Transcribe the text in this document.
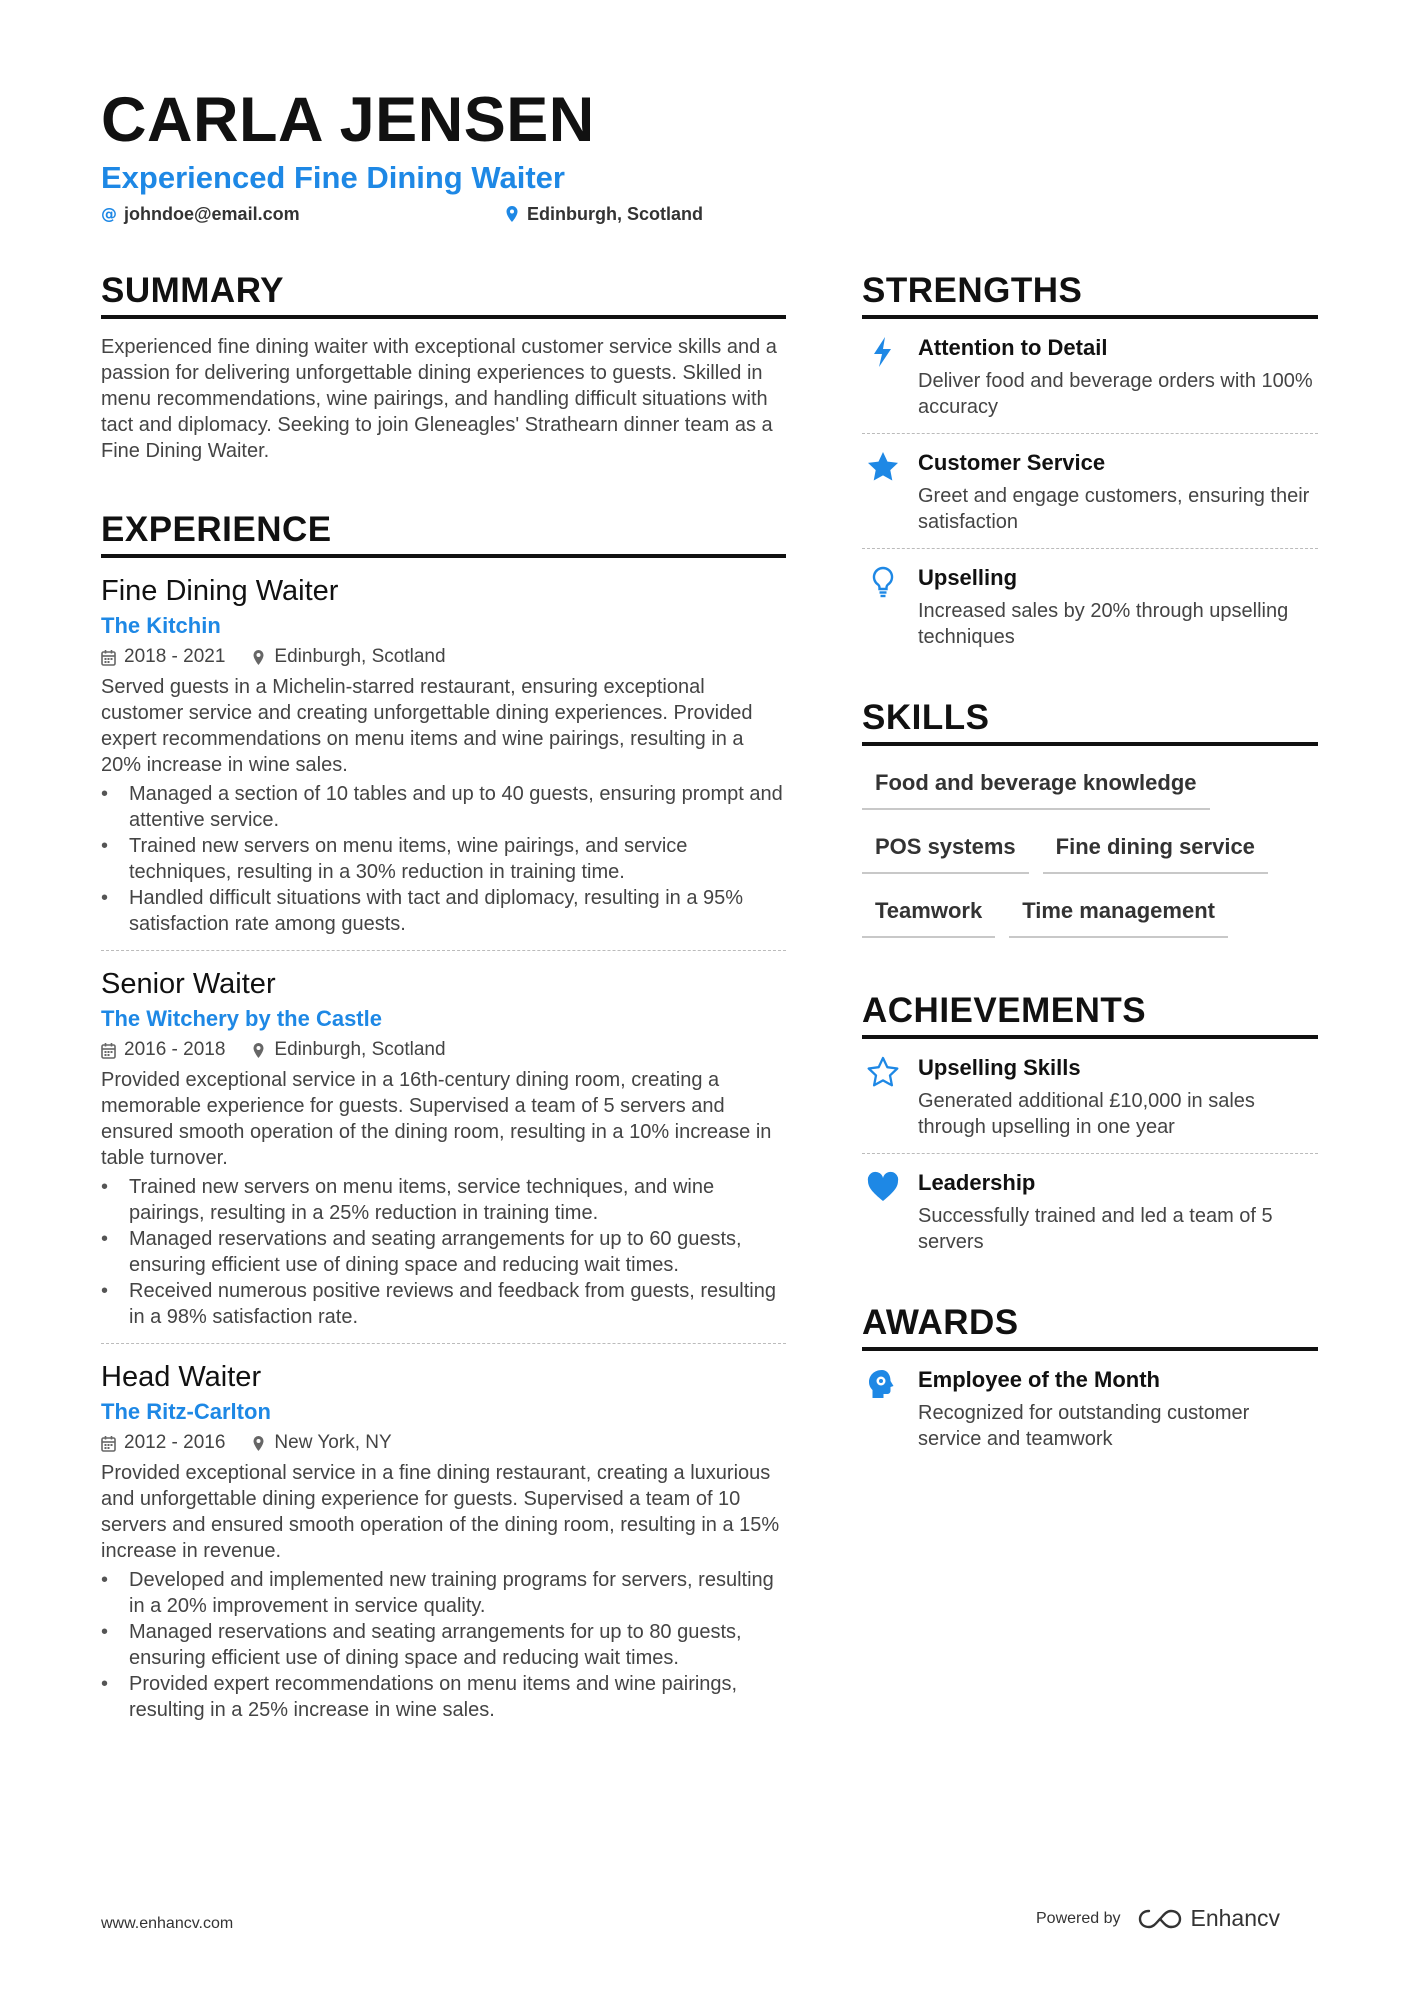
CARLA JENSEN
Experienced Fine Dining Waiter
@ johndoe@email.com	Edinburgh, Scotland
SUMMARY
Experienced fine dining waiter with exceptional customer service skills and a passion for delivering unforgettable dining experiences to guests. Skilled in menu recommendations, wine pairings, and handling difficult situations with tact and diplomacy. Seeking to join Gleneagles' Strathearn dinner team as a Fine Dining Waiter.
EXPERIENCE
Fine Dining Waiter
The Kitchin
2018 - 2021	Edinburgh, Scotland
Served guests in a Michelin-starred restaurant, ensuring exceptional customer service and creating unforgettable dining experiences. Provided expert recommendations on menu items and wine pairings, resulting in a 20% increase in wine sales.
• Managed a section of 10 tables and up to 40 guests, ensuring prompt and attentive service.
• Trained new servers on menu items, wine pairings, and service techniques, resulting in a 30% reduction in training time.
• Handled difficult situations with tact and diplomacy, resulting in a 95% satisfaction rate among guests.
Senior Waiter
The Witchery by the Castle
2016 - 2018	Edinburgh, Scotland
Provided exceptional service in a 16th-century dining room, creating a memorable experience for guests. Supervised a team of 5 servers and ensured smooth operation of the dining room, resulting in a 10% increase in table turnover.
• Trained new servers on menu items, service techniques, and wine pairings, resulting in a 25% reduction in training time.
• Managed reservations and seating arrangements for up to 60 guests, ensuring efficient use of dining space and reducing wait times.
• Received numerous positive reviews and feedback from guests, resulting in a 98% satisfaction rate.
Head Waiter
The Ritz-Carlton
2012 - 2016	New York, NY
Provided exceptional service in a fine dining restaurant, creating a luxurious and unforgettable dining experience for guests. Supervised a team of 10 servers and ensured smooth operation of the dining room, resulting in a 15% increase in revenue.
• Developed and implemented new training programs for servers, resulting in a 20% improvement in service quality.
• Managed reservations and seating arrangements for up to 80 guests, ensuring efficient use of dining space and reducing wait times.
• Provided expert recommendations on menu items and wine pairings, resulting in a 25% increase in wine sales.
STRENGTHS
Attention to Detail
Deliver food and beverage orders with 100% accuracy
Customer Service
Greet and engage customers, ensuring their satisfaction
Upselling
Increased sales by 20% through upselling techniques
SKILLS
Food and beverage knowledge
POS systems	Fine dining service
Teamwork	Time management
ACHIEVEMENTS
Upselling Skills
Generated additional £10,000 in sales through upselling in one year
Leadership
Successfully trained and led a team of 5 servers
AWARDS
Employee of the Month
Recognized for outstanding customer service and teamwork
www.enhancv.com	Powered by	Enhancv
